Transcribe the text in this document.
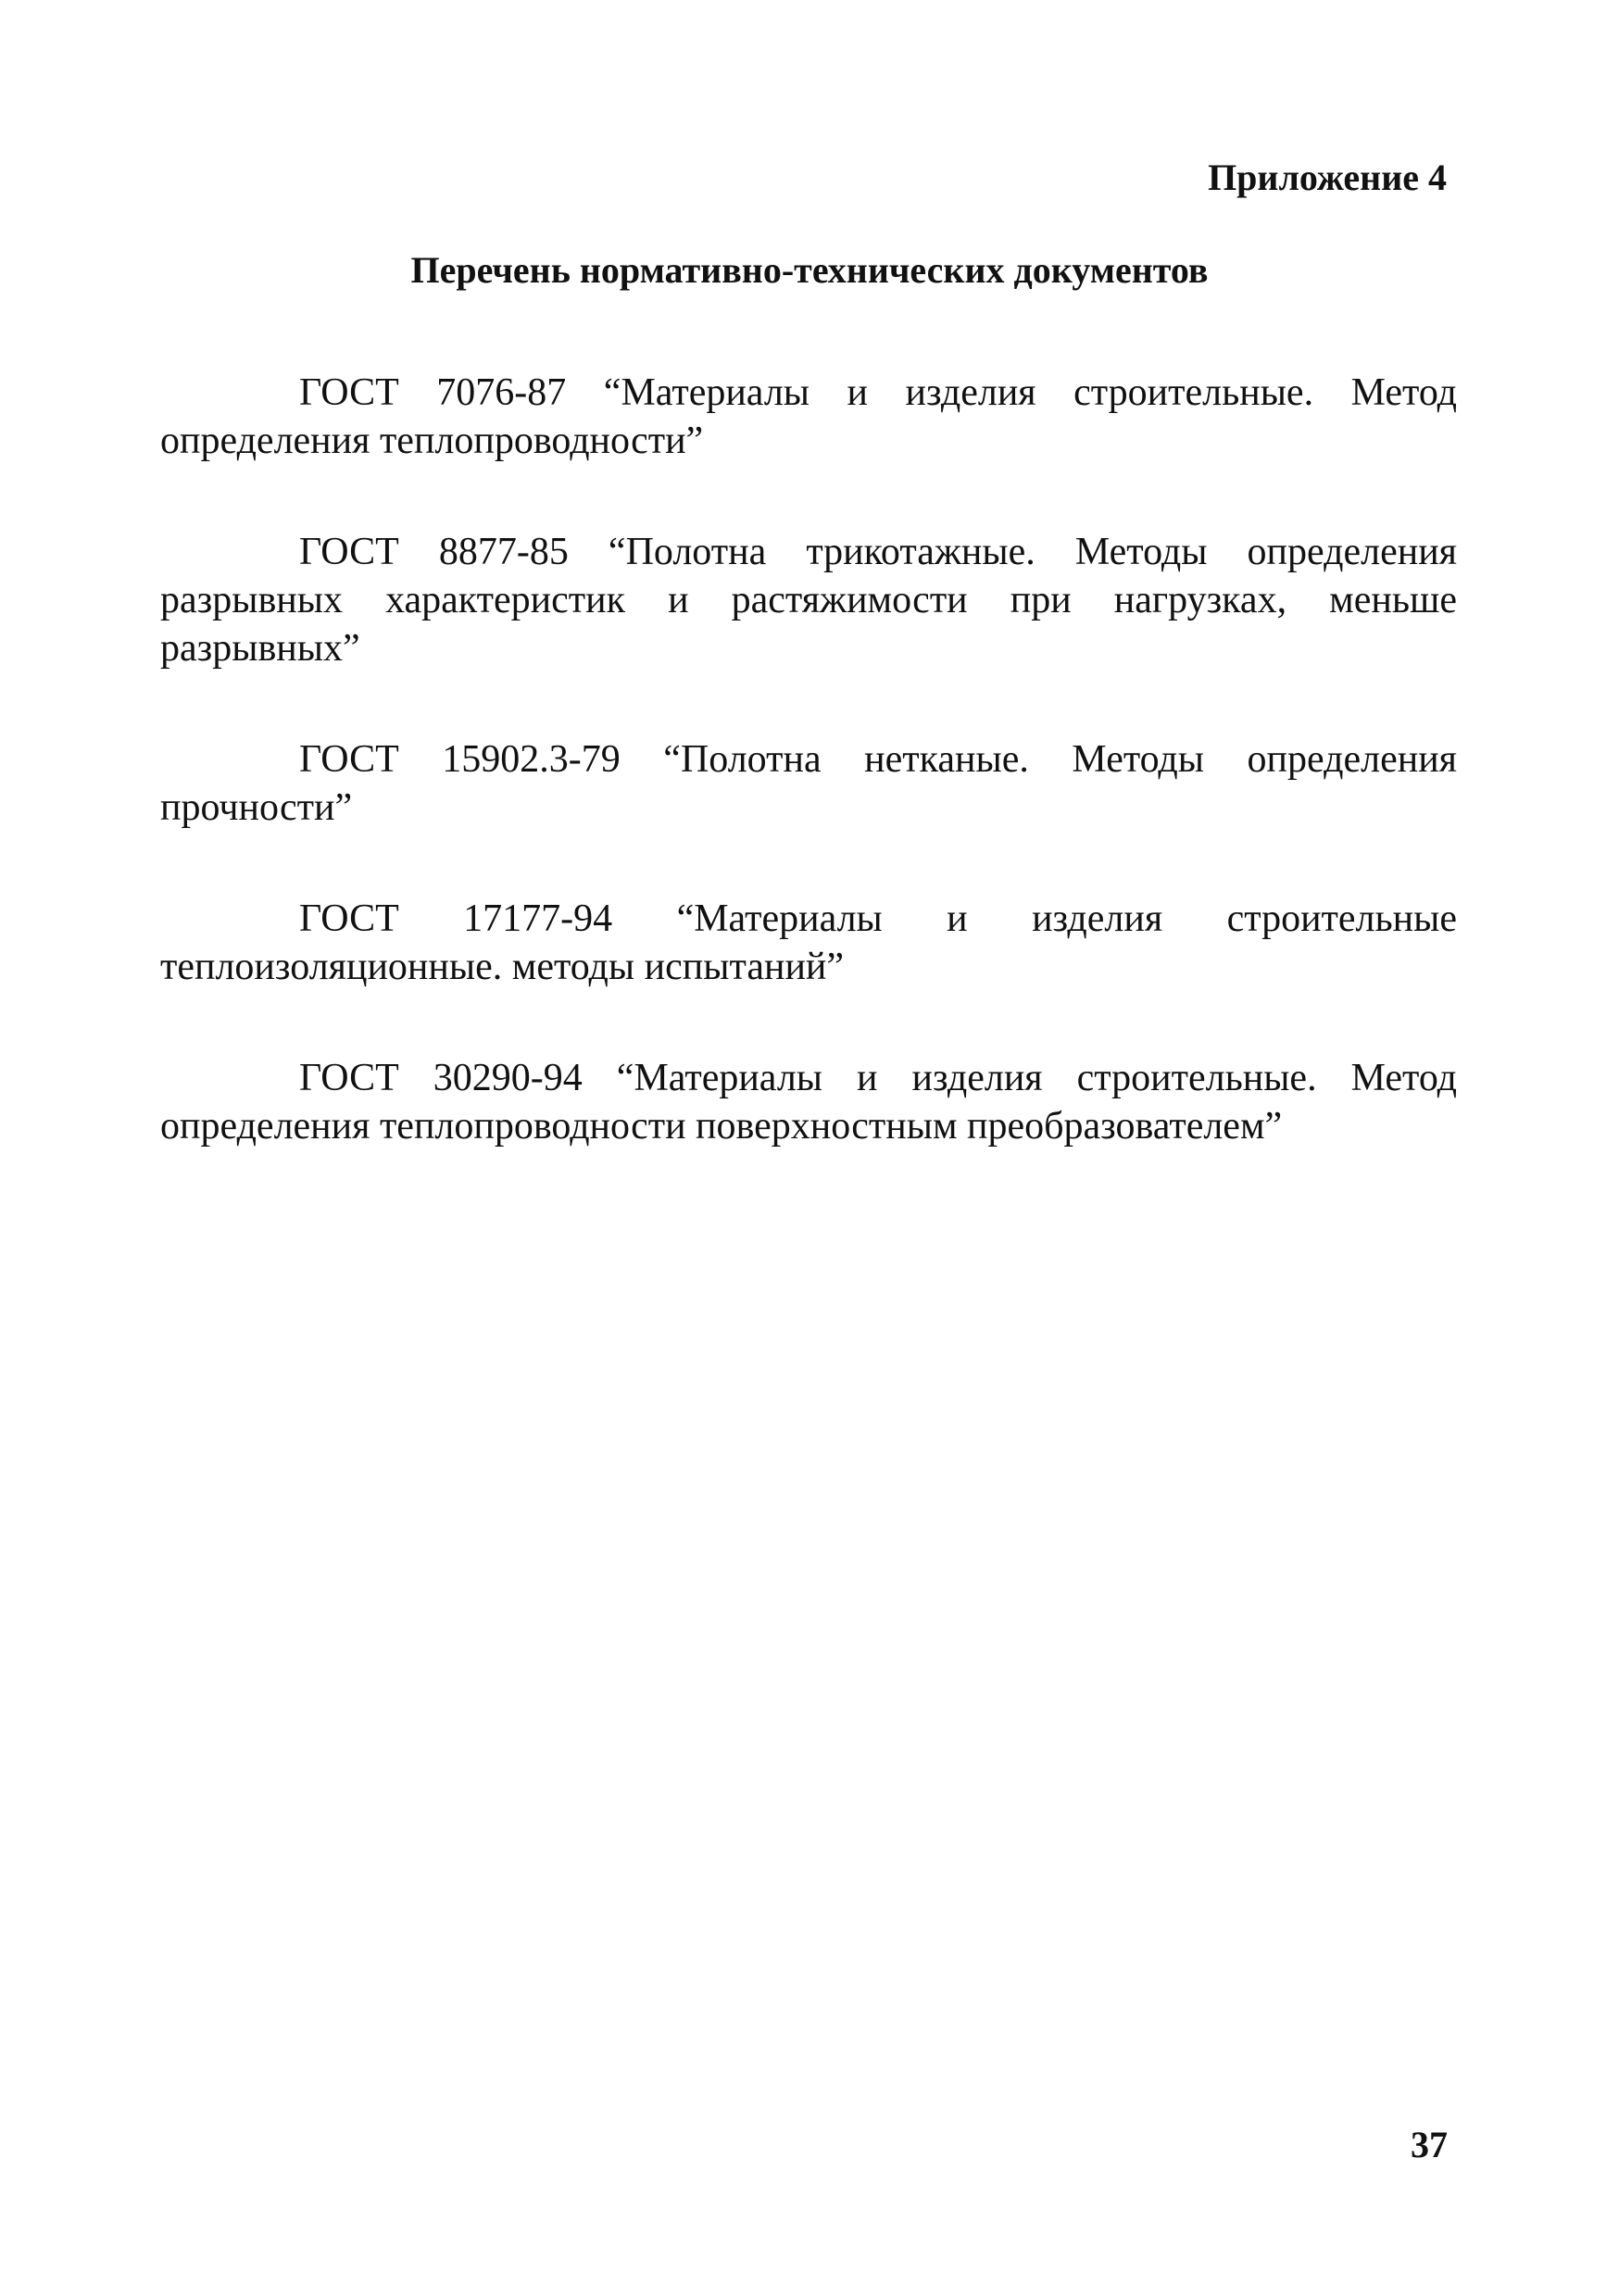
Приложение 4

Перечень нормативно-технических документов
ГОСТ 7076-87 “Материалы и изделия строительные. Метод определения теплопроводности”
ГОСТ 8877-85 “Полотна трикотажные. Методы определения разрывных характеристик и растяжимости при нагрузках, меньше разрывных”
ГОСТ 15902.3-79 “Полотна нетканые. Методы определения прочности”
ГОСТ 17177-94 “Материалы и изделия строительные теплоизоляционные. методы испытаний”
ГОСТ 30290-94 “Материалы и изделия строительные. Метод определения теплопроводности поверхностным преобразователем”

37
